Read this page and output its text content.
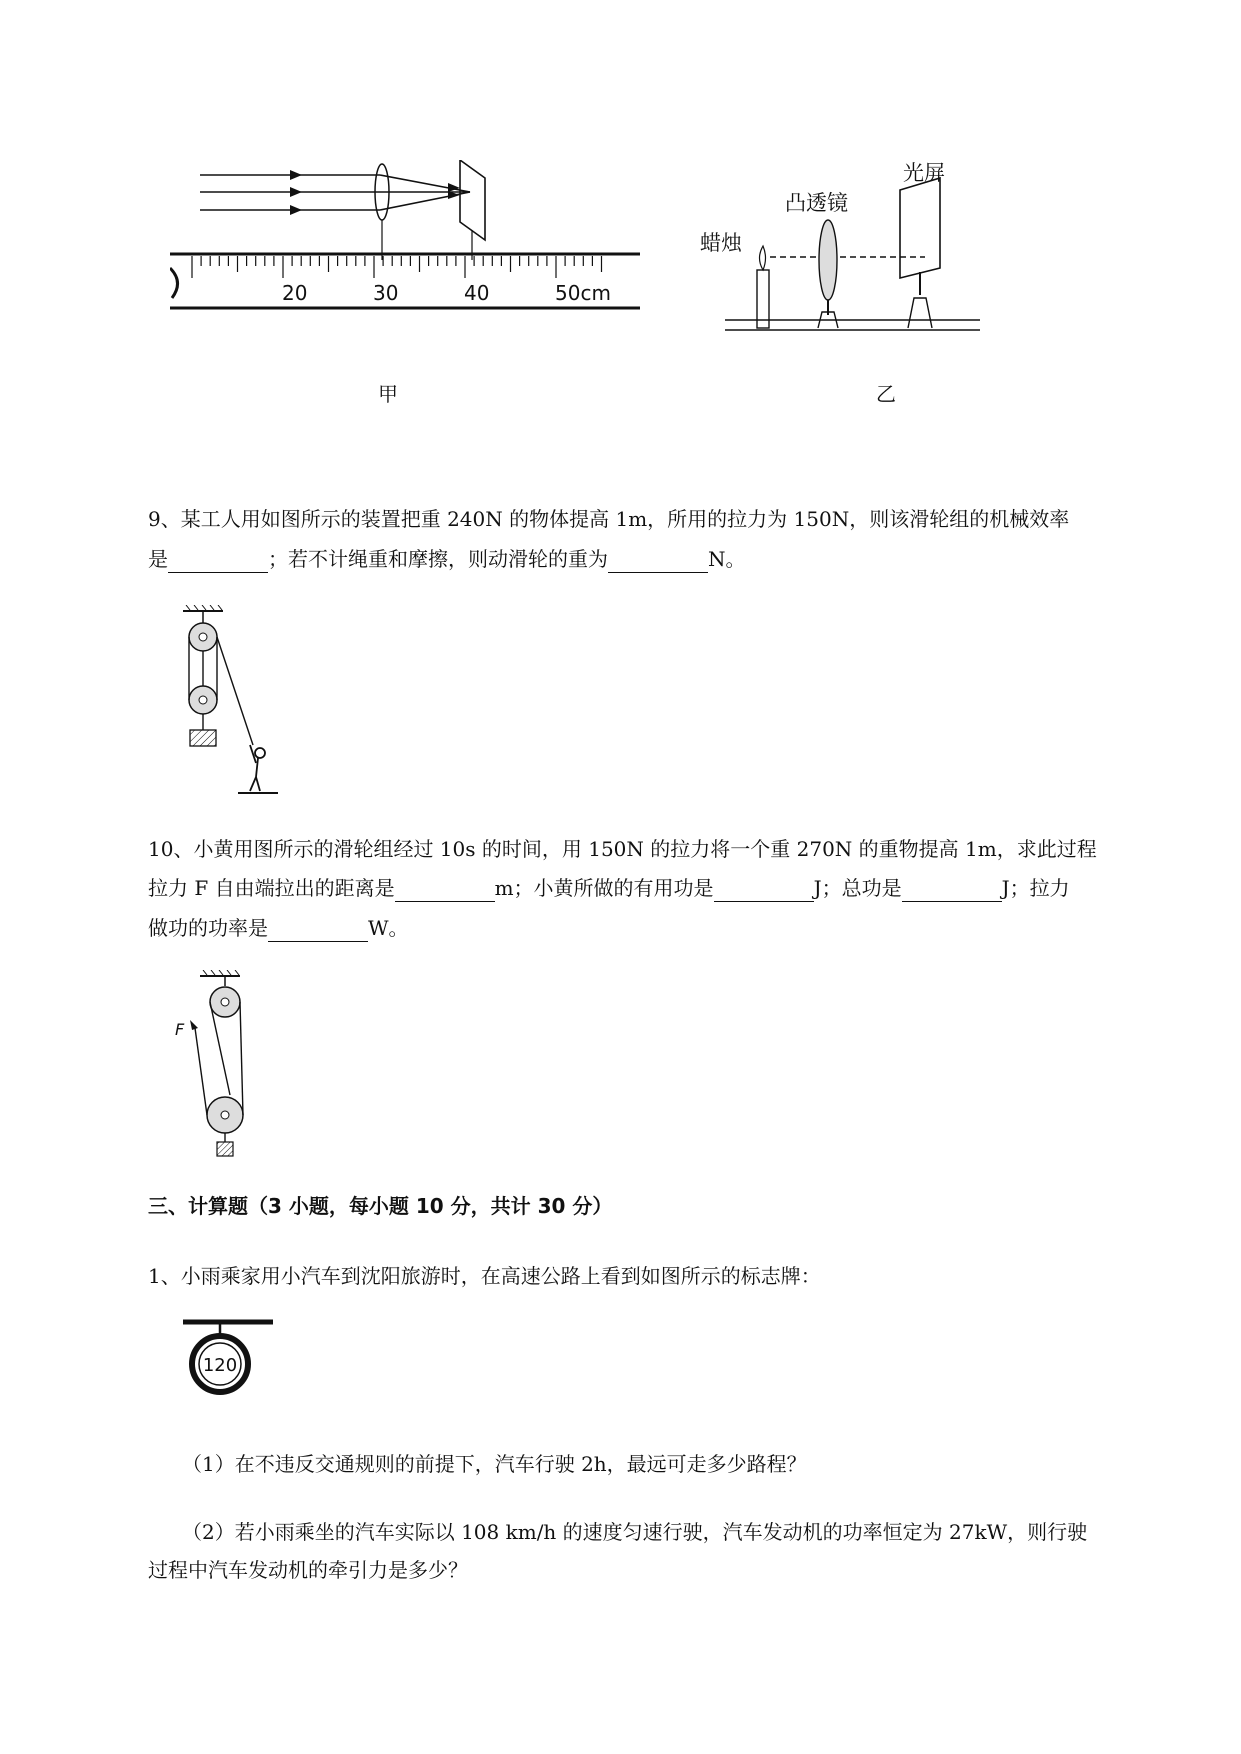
20	30	40	50cm
甲
蜡烛
凸透镜
光屏
乙
9、某工人用如图所示的装置把重 240N 的物体提高 1m，所用的拉力为 150N，则该滑轮组的机械效率
是	；若不计绳重和摩擦，则动滑轮的重为	N。
10、小黄用图所示的滑轮组经过 10s 的时间，用 150N 的拉力将一个重 270N 的重物提高 1m，求此过程
拉力 F 自由端拉出的距离是	m；小黄所做的有用功是	J；总功是	J；拉力
做功的功率是	W。
F
三、计算题（3 小题，每小题 10 分，共计 30 分）
1、小雨乘家用小汽车到沈阳旅游时，在高速公路上看到如图所示的标志牌：
120
（1）在不违反交通规则的前提下，汽车行驶 2h，最远可走多少路程？
（2）若小雨乘坐的汽车实际以 108 km/h 的速度匀速行驶，汽车发动机的功率恒定为 27kW，则行驶
过程中汽车发动机的牵引力是多少？
